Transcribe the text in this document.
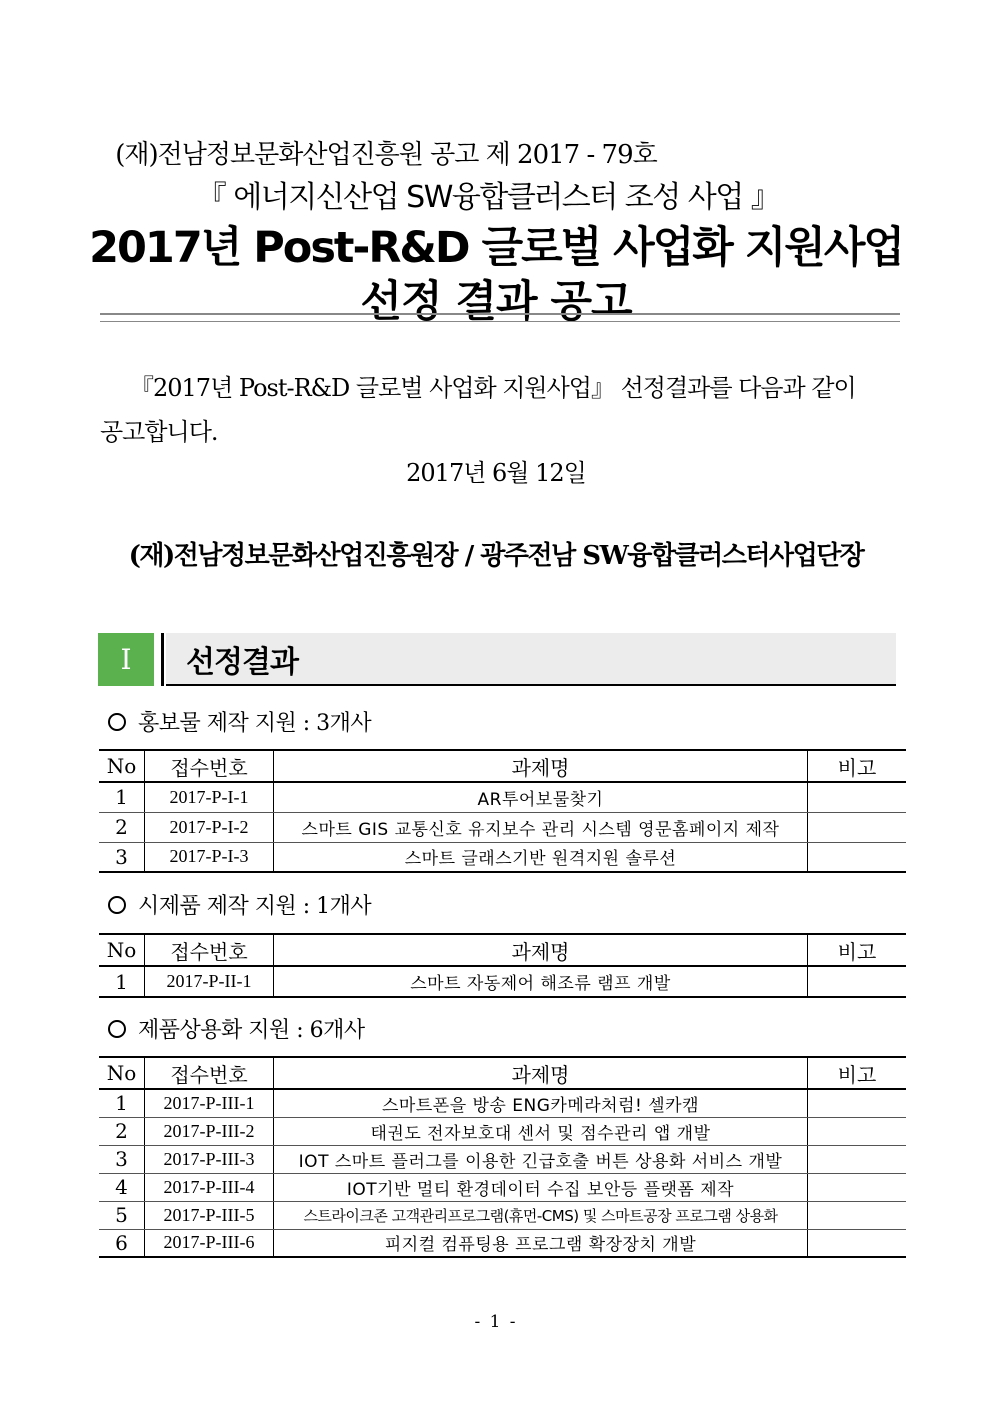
(재)전남정보문화산업진흥원 공고 제 2017 - 79호
『 에너지신산업 SW융합클러스터 조성 사업 』
2017년 Post-R&D 글로벌 사업화 지원사업
선정 결과 공고
『2017년 Post-R&D 글로벌 사업화 지원사업』 선정결과를 다음과 같이
공고합니다.
2017년 6월 12일
(재)전남정보문화산업진흥원장 / 광주전남 SW융합클러스터사업단장
Ⅰ	선정결과
홍보물 제작 지원 : 3개사
No	접수번호	과제명	비고
1	2017-P-I-1	AR투어보물찾기	
2	2017-P-I-2	스마트 GIS 교통신호 유지보수 관리 시스템 영문홈페이지 제작	
3	2017-P-I-3	스마트 글래스기반 원격지원 솔루션	
시제품 제작 지원 : 1개사
No	접수번호	과제명	비고
1	2017-P-II-1	스마트 자동제어 해조류 램프 개발	
제품상용화 지원 : 6개사
No	접수번호	과제명	비고
1	2017-P-III-1	스마트폰을 방송 ENG카메라처럼! 셀카캠	
2	2017-P-III-2	태권도 전자보호대 센서 및 점수관리 앱 개발	
3	2017-P-III-3	IOT 스마트 플러그를 이용한 긴급호출 버튼 상용화 서비스 개발	
4	2017-P-III-4	IOT기반 멀티 환경데이터 수집 보안등 플랫폼 제작	
5	2017-P-III-5	스트라이크존 고객관리프로그램(휴먼-CMS) 및 스마트공장 프로그램 상용화	
6	2017-P-III-6	피지컬 컴퓨팅용 프로그램 확장장치 개발	
- 1 -
